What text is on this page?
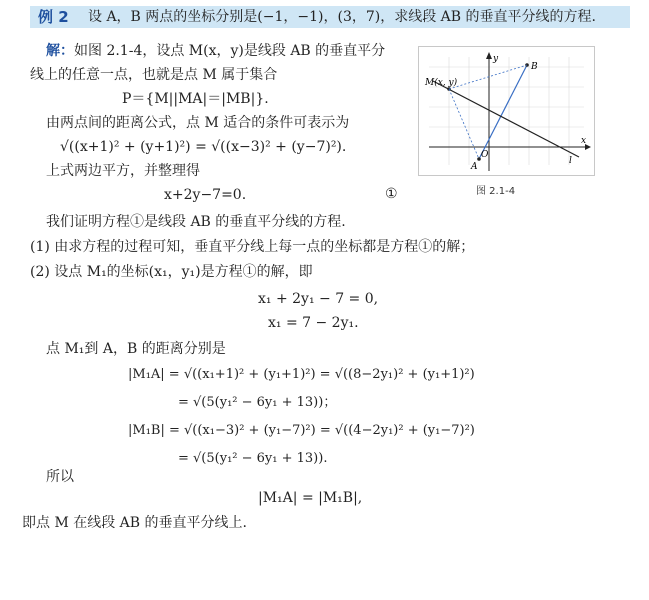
例 2 设 A，B 两点的坐标分别是(−1，−1)，(3，7)，求线段 AB 的垂直平分线的方程.
解：如图 2.1-4，设点 M(x，y)是线段 AB 的垂直平分
线上的任意一点，也就是点 M 属于集合
P＝{M||MA|＝|MB|}.
由两点间的距离公式，点 M 适合的条件可表示为
√((x+1)² + (y+1)²) = √((x−3)² + (y−7)²).
上式两边平方，并整理得
x+2y−7=0.	①
M(x, y)
A
B
O
x
y
l
图 2.1-4
我们证明方程①是线段 AB 的垂直平分线的方程.
(1) 由求方程的过程可知，垂直平分线上每一点的坐标都是方程①的解；
(2) 设点 M₁的坐标(x₁，y₁)是方程①的解，即
x₁ + 2y₁ − 7 = 0,
x₁ = 7 − 2y₁.
点 M₁到 A，B 的距离分别是
|M₁A| = √((x₁+1)² + (y₁+1)²) = √((8−2y₁)² + (y₁+1)²)
= √(5(y₁² − 6y₁ + 13))；
|M₁B| = √((x₁−3)² + (y₁−7)²) = √((4−2y₁)² + (y₁−7)²)
= √(5(y₁² − 6y₁ + 13)).
所以
|M₁A| = |M₁B|,
即点 M 在线段 AB 的垂直平分线上.
